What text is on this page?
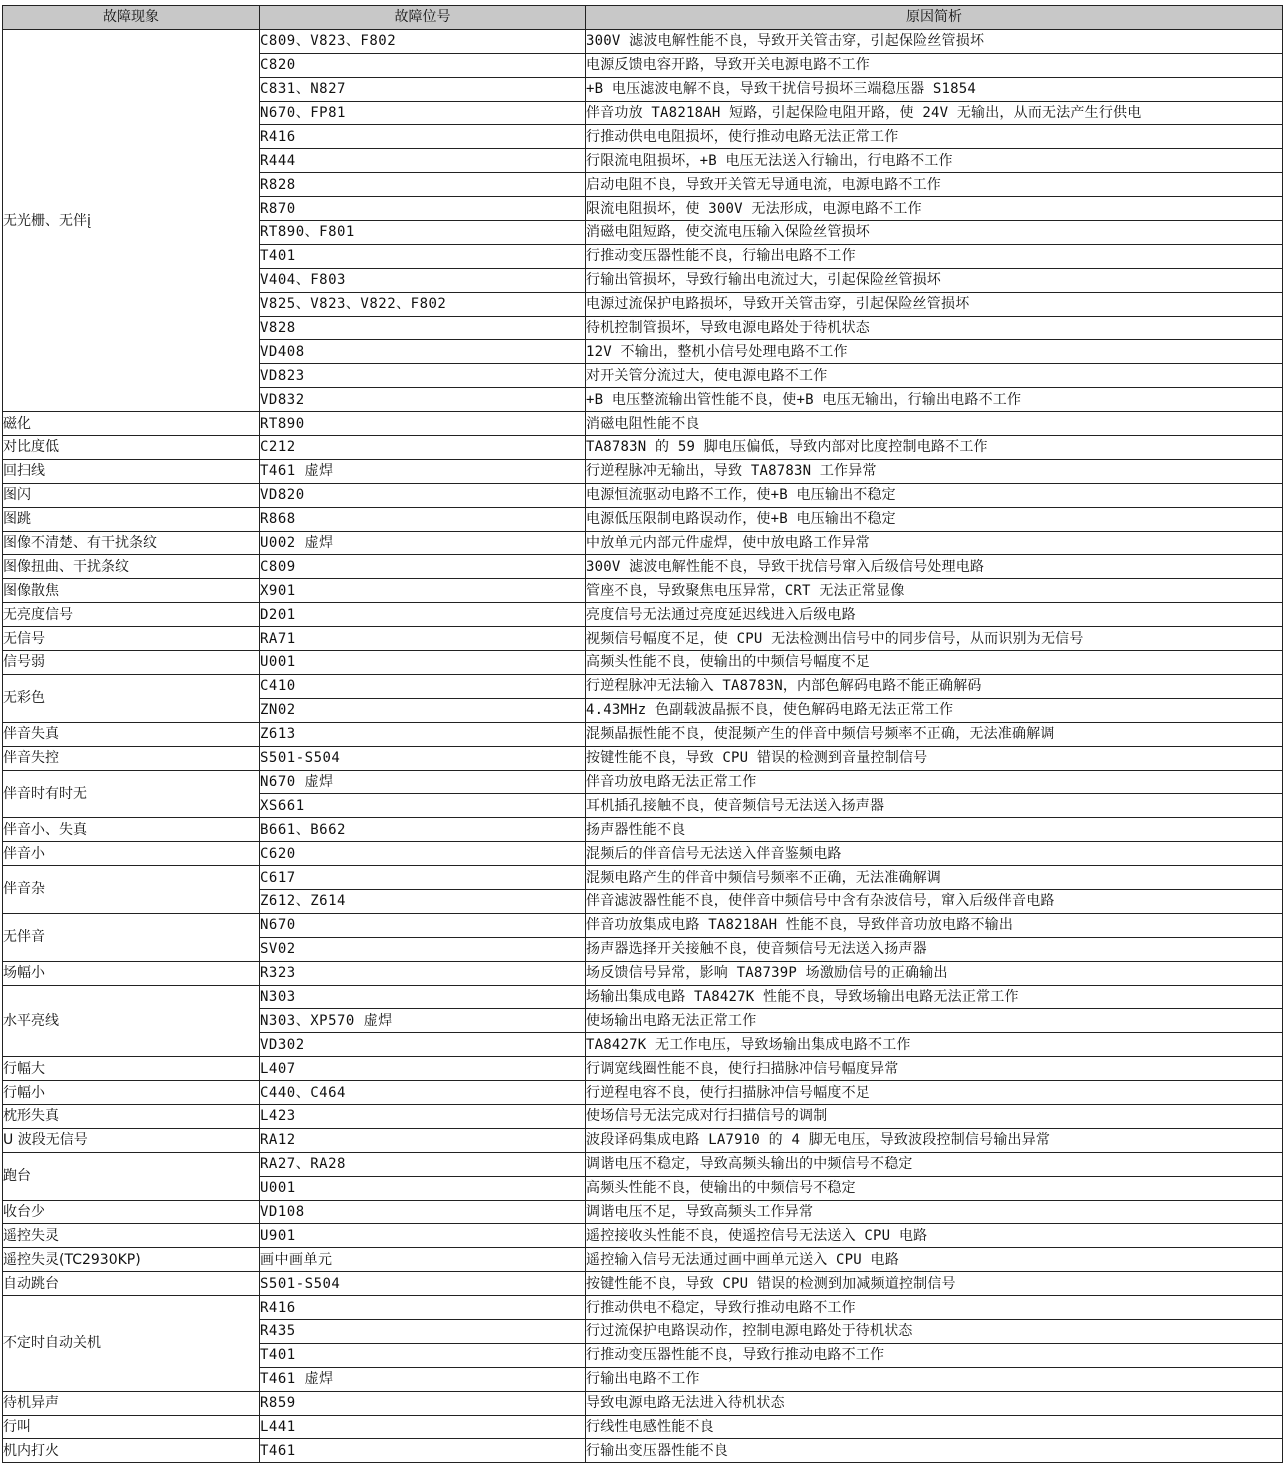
故障现象	故障位号	原因简析
无光栅、无伴į	C809、V823、F802	300V 滤波电解性能不良，导致开关管击穿，引起保险丝管损坏
	C820	电源反馈电容开路，导致开关电源电路不工作
	C831、N827	+B 电压滤波电解不良，导致干扰信号损坏三端稳压器 S1854
	N670、FP81	伴音功放 TA8218AH 短路，引起保险电阻开路，使 24V 无输出，从而无法产生行供电
	R416	行推动供电电阻损坏，使行推动电路无法正常工作
	R444	行限流电阻损坏，+B 电压无法送入行输出，行电路不工作
	R828	启动电阻不良，导致开关管无导通电流，电源电路不工作
	R870	限流电阻损坏，使 300V 无法形成，电源电路不工作
	RT890、F801	消磁电阻短路，使交流电压输入保险丝管损坏
	T401	行推动变压器性能不良，行输出电路不工作
	V404、F803	行输出管损坏，导致行输出电流过大，引起保险丝管损坏
	V825、V823、V822、F802	电源过流保护电路损坏，导致开关管击穿，引起保险丝管损坏
	V828	待机控制管损坏，导致电源电路处于待机状态
	VD408	12V 不输出，整机小信号处理电路不工作
	VD823	对开关管分流过大，使电源电路不工作
	VD832	+B 电压整流输出管性能不良，使+B 电压无输出，行输出电路不工作
磁化	RT890	消磁电阻性能不良
对比度低	C212	TA8783N 的 59 脚电压偏低，导致内部对比度控制电路不工作
回扫线	T461 虚焊	行逆程脉冲无输出，导致 TA8783N 工作异常
图闪	VD820	电源恒流驱动电路不工作，使+B 电压输出不稳定
图跳	R868	电源低压限制电路误动作，使+B 电压输出不稳定
图像不清楚、有干扰条纹	U002 虚焊	中放单元内部元件虚焊，使中放电路工作异常
图像扭曲、干扰条纹	C809	300V 滤波电解性能不良，导致干扰信号窜入后级信号处理电路
图像散焦	X901	管座不良，导致聚焦电压异常，CRT 无法正常显像
无亮度信号	D201	亮度信号无法通过亮度延迟线进入后级电路
无信号	RA71	视频信号幅度不足，使 CPU 无法检测出信号中的同步信号，从而识别为无信号
信号弱	U001	高频头性能不良，使输出的中频信号幅度不足
无彩色	C410	行逆程脉冲无法输入 TA8783N，内部色解码电路不能正确解码
	ZN02	4.43MHz 色副载波晶振不良，使色解码电路无法正常工作
伴音失真	Z613	混频晶振性能不良，使混频产生的伴音中频信号频率不正确，无法准确解调
伴音失控	S501-S504	按键性能不良，导致 CPU 错误的检测到音量控制信号
伴音时有时无	N670 虚焊	伴音功放电路无法正常工作
	XS661	耳机插孔接触不良，使音频信号无法送入扬声器
伴音小、失真	B661、B662	扬声器性能不良
伴音小	C620	混频后的伴音信号无法送入伴音鉴频电路
伴音杂	C617	混频电路产生的伴音中频信号频率不正确，无法准确解调
	Z612、Z614	伴音滤波器性能不良，使伴音中频信号中含有杂波信号，窜入后级伴音电路
无伴音	N670	伴音功放集成电路 TA8218AH 性能不良，导致伴音功放电路不输出
	SV02	扬声器选择开关接触不良，使音频信号无法送入扬声器
场幅小	R323	场反馈信号异常，影响 TA8739P 场激励信号的正确输出
水平亮线	N303	场输出集成电路 TA8427K 性能不良，导致场输出电路无法正常工作
	N303、XP570 虚焊	使场输出电路无法正常工作
	VD302	TA8427K 无工作电压，导致场输出集成电路不工作
行幅大	L407	行调宽线圈性能不良，使行扫描脉冲信号幅度异常
行幅小	C440、C464	行逆程电容不良，使行扫描脉冲信号幅度不足
枕形失真	L423	使场信号无法完成对行扫描信号的调制
U 波段无信号	RA12	波段译码集成电路 LA7910 的 4 脚无电压，导致波段控制信号输出异常
跑台	RA27、RA28	调谐电压不稳定，导致高频头输出的中频信号不稳定
	U001	高频头性能不良，使输出的中频信号不稳定
收台少	VD108	调谐电压不足，导致高频头工作异常
遥控失灵	U901	遥控接收头性能不良，使遥控信号无法送入 CPU 电路
遥控失灵(TC2930KP)	画中画单元	遥控输入信号无法通过画中画单元送入 CPU 电路
自动跳台	S501-S504	按键性能不良，导致 CPU 错误的检测到加减频道控制信号
不定时自动关机	R416	行推动供电不稳定，导致行推动电路不工作
	R435	行过流保护电路误动作，控制电源电路处于待机状态
	T401	行推动变压器性能不良，导致行推动电路不工作
	T461 虚焊	行输出电路不工作
待机异声	R859	导致电源电路无法进入待机状态
行叫	L441	行线性电感性能不良
机内打火	T461	行输出变压器性能不良
